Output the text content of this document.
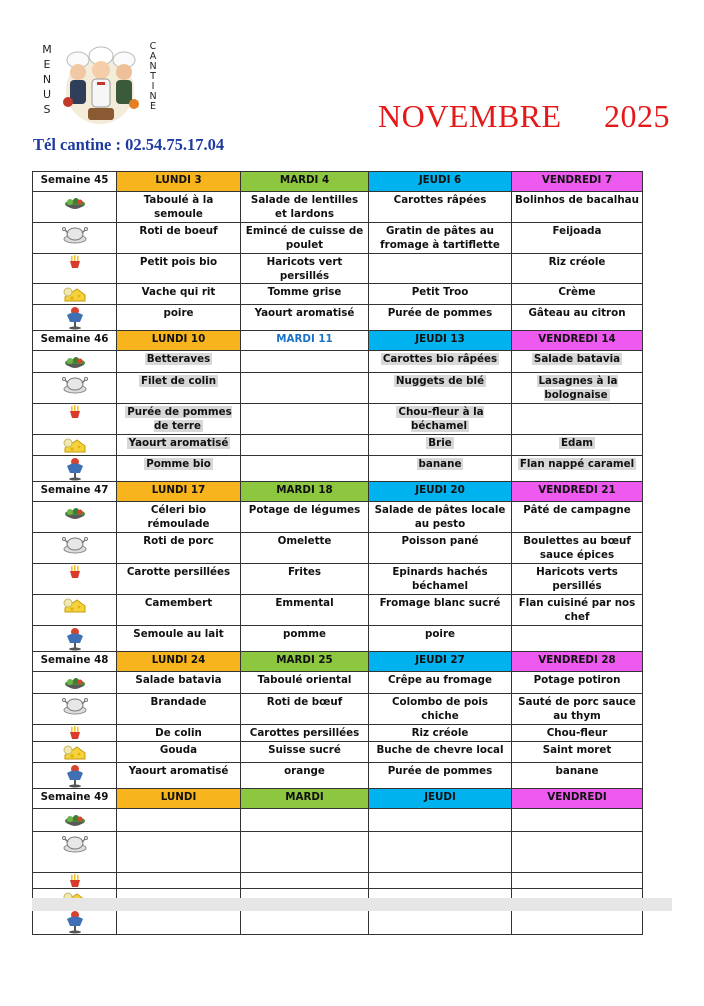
M
E
N
U
S
C
A
N
T
I
N
E	NOVEMBRE 2025
Tél cantine : 02.54.75.17.04
Semaine 45	LUNDI 3	MARDI 4	JEUDI 6	VENDREDI 7

	Taboulé à la semoule	Salade de lentilles et lardons	Carottes râpées	Bolinhos de bacalhau

	Roti de boeuf	Emincé de cuisse de poulet	Gratin de pâtes au fromage à tartiflette	Feijoada

	Petit pois bio	Haricots vert persillés		Riz créole

	Vache qui rit	Tomme grise	Petit Troo	Crème

	poire	Yaourt aromatisé	Purée de pommes	Gâteau au citron
Semaine 46	LUNDI 10	MARDI 11	JEUDI 13	VENDREDI 14

	Betteraves		Carottes bio râpées	Salade batavia

	Filet de colin		Nuggets de blé	Lasagnes à la bolognaise

	Purée de pommes de terre		Chou-fleur à la béchamel	

	Yaourt aromatisé		Brie	Edam

	Pomme bio		banane	Flan nappé caramel
Semaine 47	LUNDI 17	MARDI 18	JEUDI 20	VENDREDI 21

	Céleri bio rémoulade	Potage de légumes	Salade de pâtes locale au pesto	Pâté de campagne

	Roti de porc	Omelette	Poisson pané	Boulettes au bœuf sauce épices

	Carotte persillées	Frites	Epinards hachés béchamel	Haricots verts persillés

	Camembert	Emmental	Fromage blanc sucré	Flan cuisiné par nos chef

	Semoule au lait	pomme	poire	
Semaine 48	LUNDI 24	MARDI 25	JEUDI 27	VENDREDI 28

	Salade batavia	Taboulé oriental	Crêpe au fromage	Potage potiron

	Brandade	Roti de bœuf	Colombo de pois chiche	Sauté de porc sauce au thym

	De colin	Carottes persillées	Riz créole	Chou-fleur

	Gouda	Suisse sucré	Buche de chevre local	Saint moret

	Yaourt aromatisé	orange	Purée de pommes	banane
Semaine 49	LUNDI	MARDI	JEUDI	VENDREDI
